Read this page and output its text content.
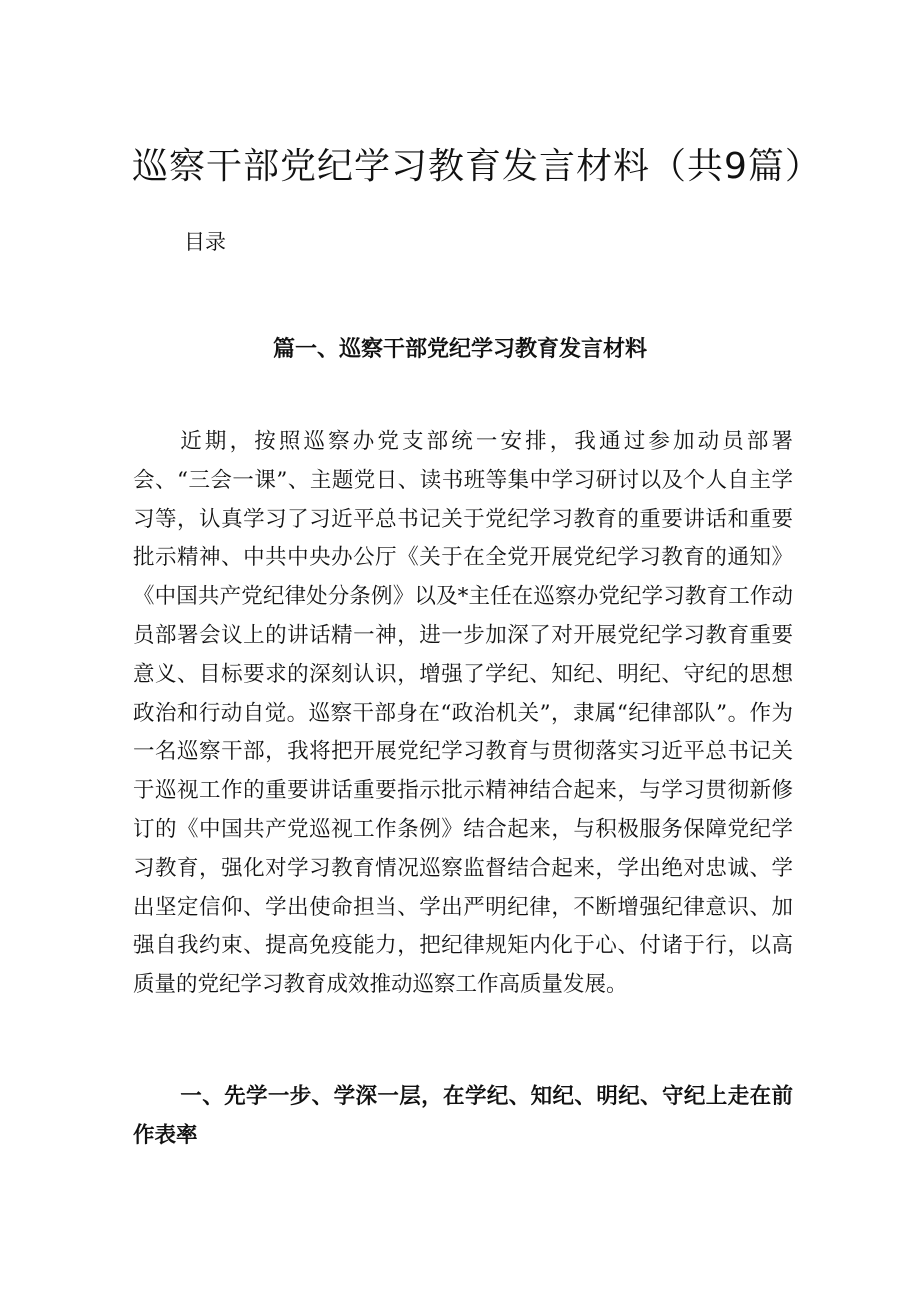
巡察干部党纪学习教育发言材料（共9篇）
目录
篇一、巡察干部党纪学习教育发言材料

近期，按照巡察办党支部统一安排，我通过参加动员部署会、“三会一课”、主题党日、读书班等集中学习研讨以及个人自主学习等，认真学习了习近平总书记关于党纪学习教育的重要讲话和重要批示精神、中共中央办公厅《关于在全党开展党纪学习教育的通知》《中国共产党纪律处分条例》以及*主任在巡察办党纪学习教育工作动员部署会议上的讲话精一神，进一步加深了对开展党纪学习教育重要意义、目标要求的深刻认识，增强了学纪、知纪、明纪、守纪的思想政治和行动自觉。巡察干部身在“政治机关”，隶属“纪律部队”。作为一名巡察干部，我将把开展党纪学习教育与贯彻落实习近平总书记关于巡视工作的重要讲话重要指示批示精神结合起来，与学习贯彻新修订的《中国共产党巡视工作条例》结合起来，与积极服务保障党纪学习教育，强化对学习教育情况巡察监督结合起来，学出绝对忠诚、学出坚定信仰、学出使命担当、学出严明纪律，不断增强纪律意识、加强自我约束、提高免疫能力，把纪律规矩内化于心、付诸于行，以高质量的党纪学习教育成效推动巡察工作高质量发展。

一、先学一步、学深一层，在学纪、知纪、明纪、守纪上走在前作表率
